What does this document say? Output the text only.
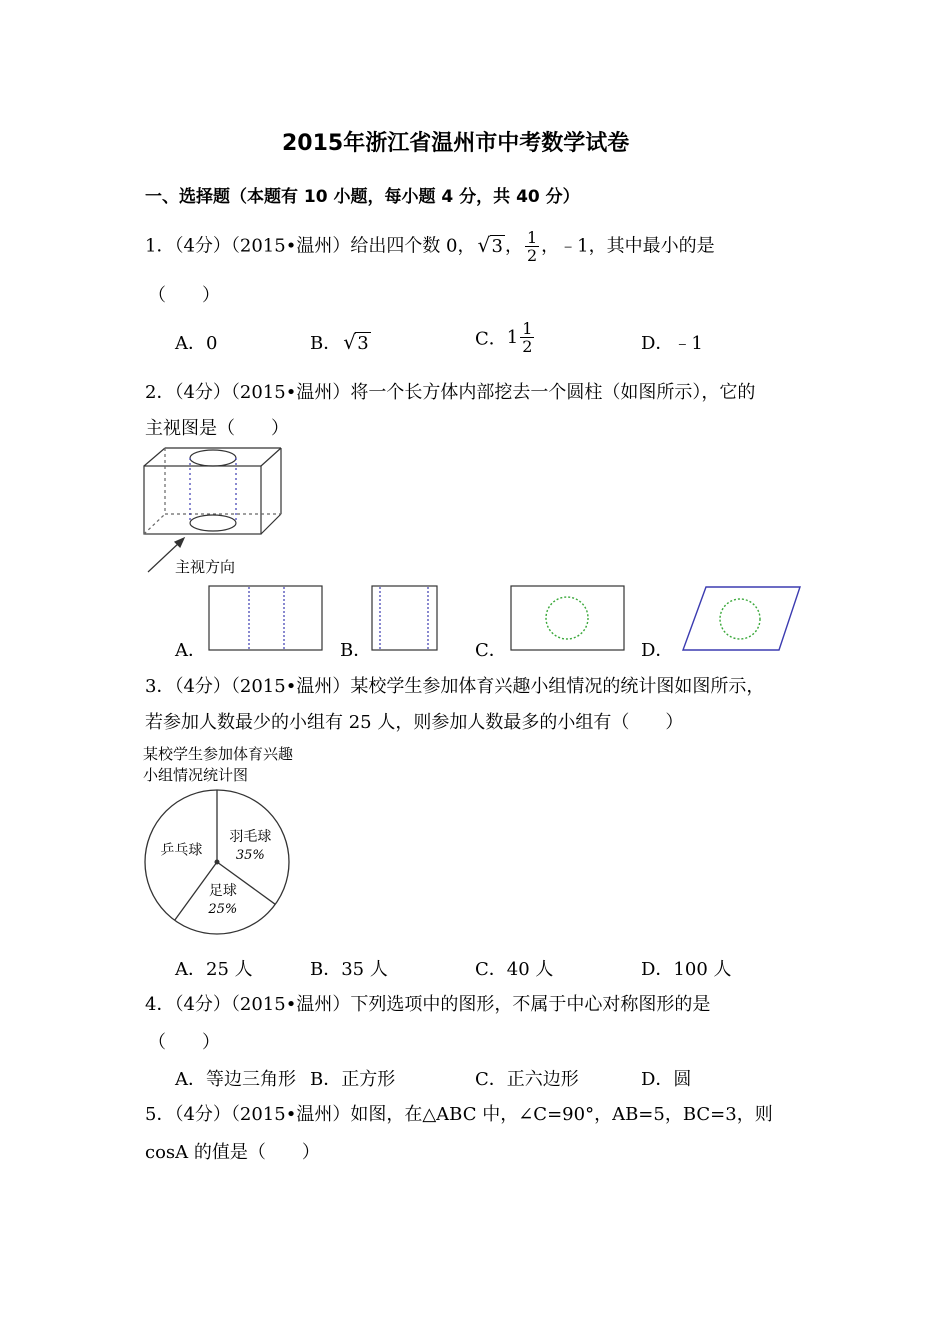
2015年浙江省温州市中考数学试卷
一、选择题（本题有 10 小题，每小题 4 分，共 40 分）
1．（4分）（2015•温州）给出四个数 0， √ 3 ， $\frac{1}{2}$ ，﹣1，其中最小的是
（　　）
A．0	B． √ 3	C．$1 \frac{1}{2}$	D．﹣1
2．（4分）（2015•温州）将一个长方体内部挖去一个圆柱（如图所示），它的
主视图是（　　）
主视方向
A．	B．	C．	D．
3．（4分）（2015•温州）某校学生参加体育兴趣小组情况的统计图如图所示，
若参加人数最少的小组有 25 人，则参加人数最多的小组有（　　）
某校学生参加体育兴趣
小组情况统计图
乒乓球
羽毛球
35%
足球
25%
A．25 人	B．35 人	C．40 人	D．100 人
4．（4分）（2015•温州）下列选项中的图形，不属于中心对称图形的是
（　　）
A．等边三角形 B．正方形	C．正六边形	D．圆
5．（4分）（2015•温州）如图，在△ABC 中，∠C=90°，AB=5，BC=3，则
cosA 的值是（　　）
